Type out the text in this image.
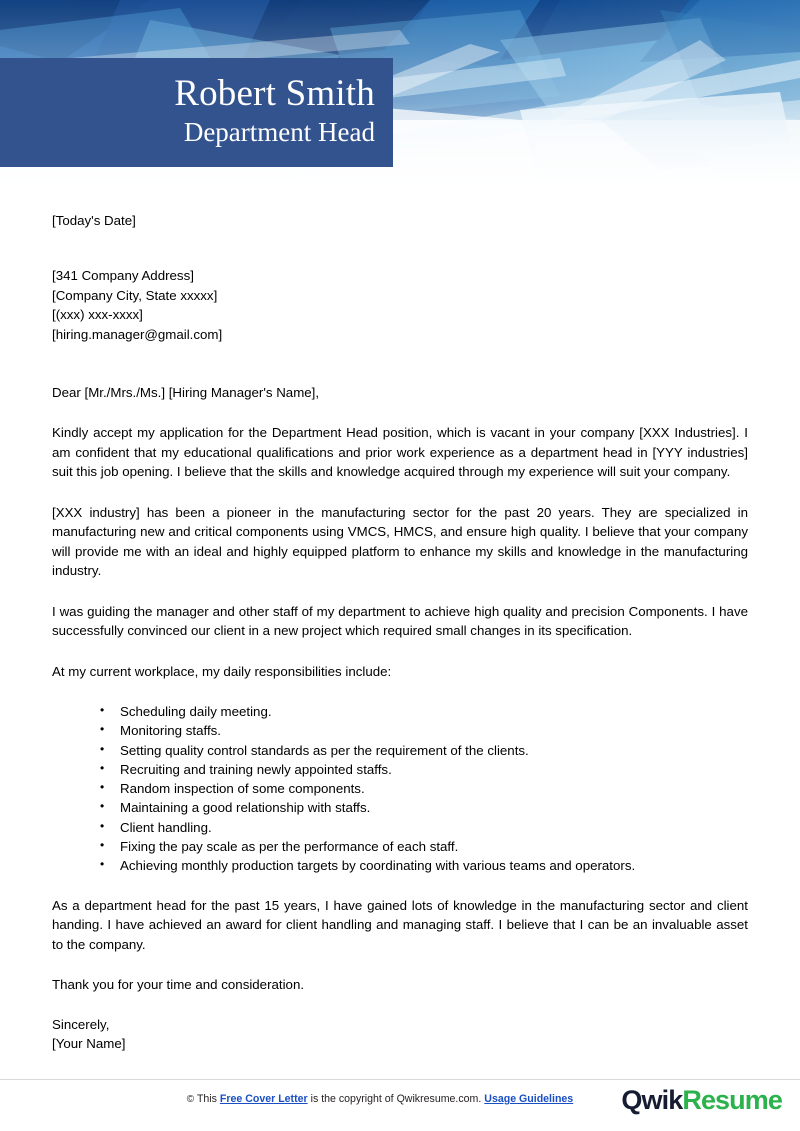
Robert Smith
Department Head
[Today's Date]
[341 Company Address]
[Company City, State xxxxx]
[(xxx) xxx-xxxx]
[hiring.manager@gmail.com]
Dear [Mr./Mrs./Ms.] [Hiring Manager's Name],

Kindly accept my application for the Department Head position, which is vacant in your company [XXX Industries]. I am confident that my educational qualifications and prior work experience as a department head in [YYY industries] suit this job opening. I believe that the skills and knowledge acquired through my experience will suit your company.

[XXX industry] has been a pioneer in the manufacturing sector for the past 20 years. They are specialized in manufacturing new and critical components using VMCS, HMCS, and ensure high quality. I believe that your company will provide me with an ideal and highly equipped platform to enhance my skills and knowledge in the manufacturing industry.

I was guiding the manager and other staff of my department to achieve high quality and precision Components. I have successfully convinced our client in a new project which required small changes in its specification.

At my current workplace, my daily responsibilities include:

• Scheduling daily meeting.
• Monitoring staffs.
• Setting quality control standards as per the requirement of the clients.
• Recruiting and training newly appointed staffs.
• Random inspection of some components.
• Maintaining a good relationship with staffs.
• Client handling.
• Fixing the pay scale as per the performance of each staff.
• Achieving monthly production targets by coordinating with various teams and operators.

As a department head for the past 15 years, I have gained lots of knowledge in the manufacturing sector and client handing. I have achieved an award for client handling and managing staff. I believe that I can be an invaluable asset to the company.

Thank you for your time and consideration.
Sincerely,
[Your Name]
© This Free Cover Letter is the copyright of Qwikresume.com. Usage Guidelines	QwikResume
